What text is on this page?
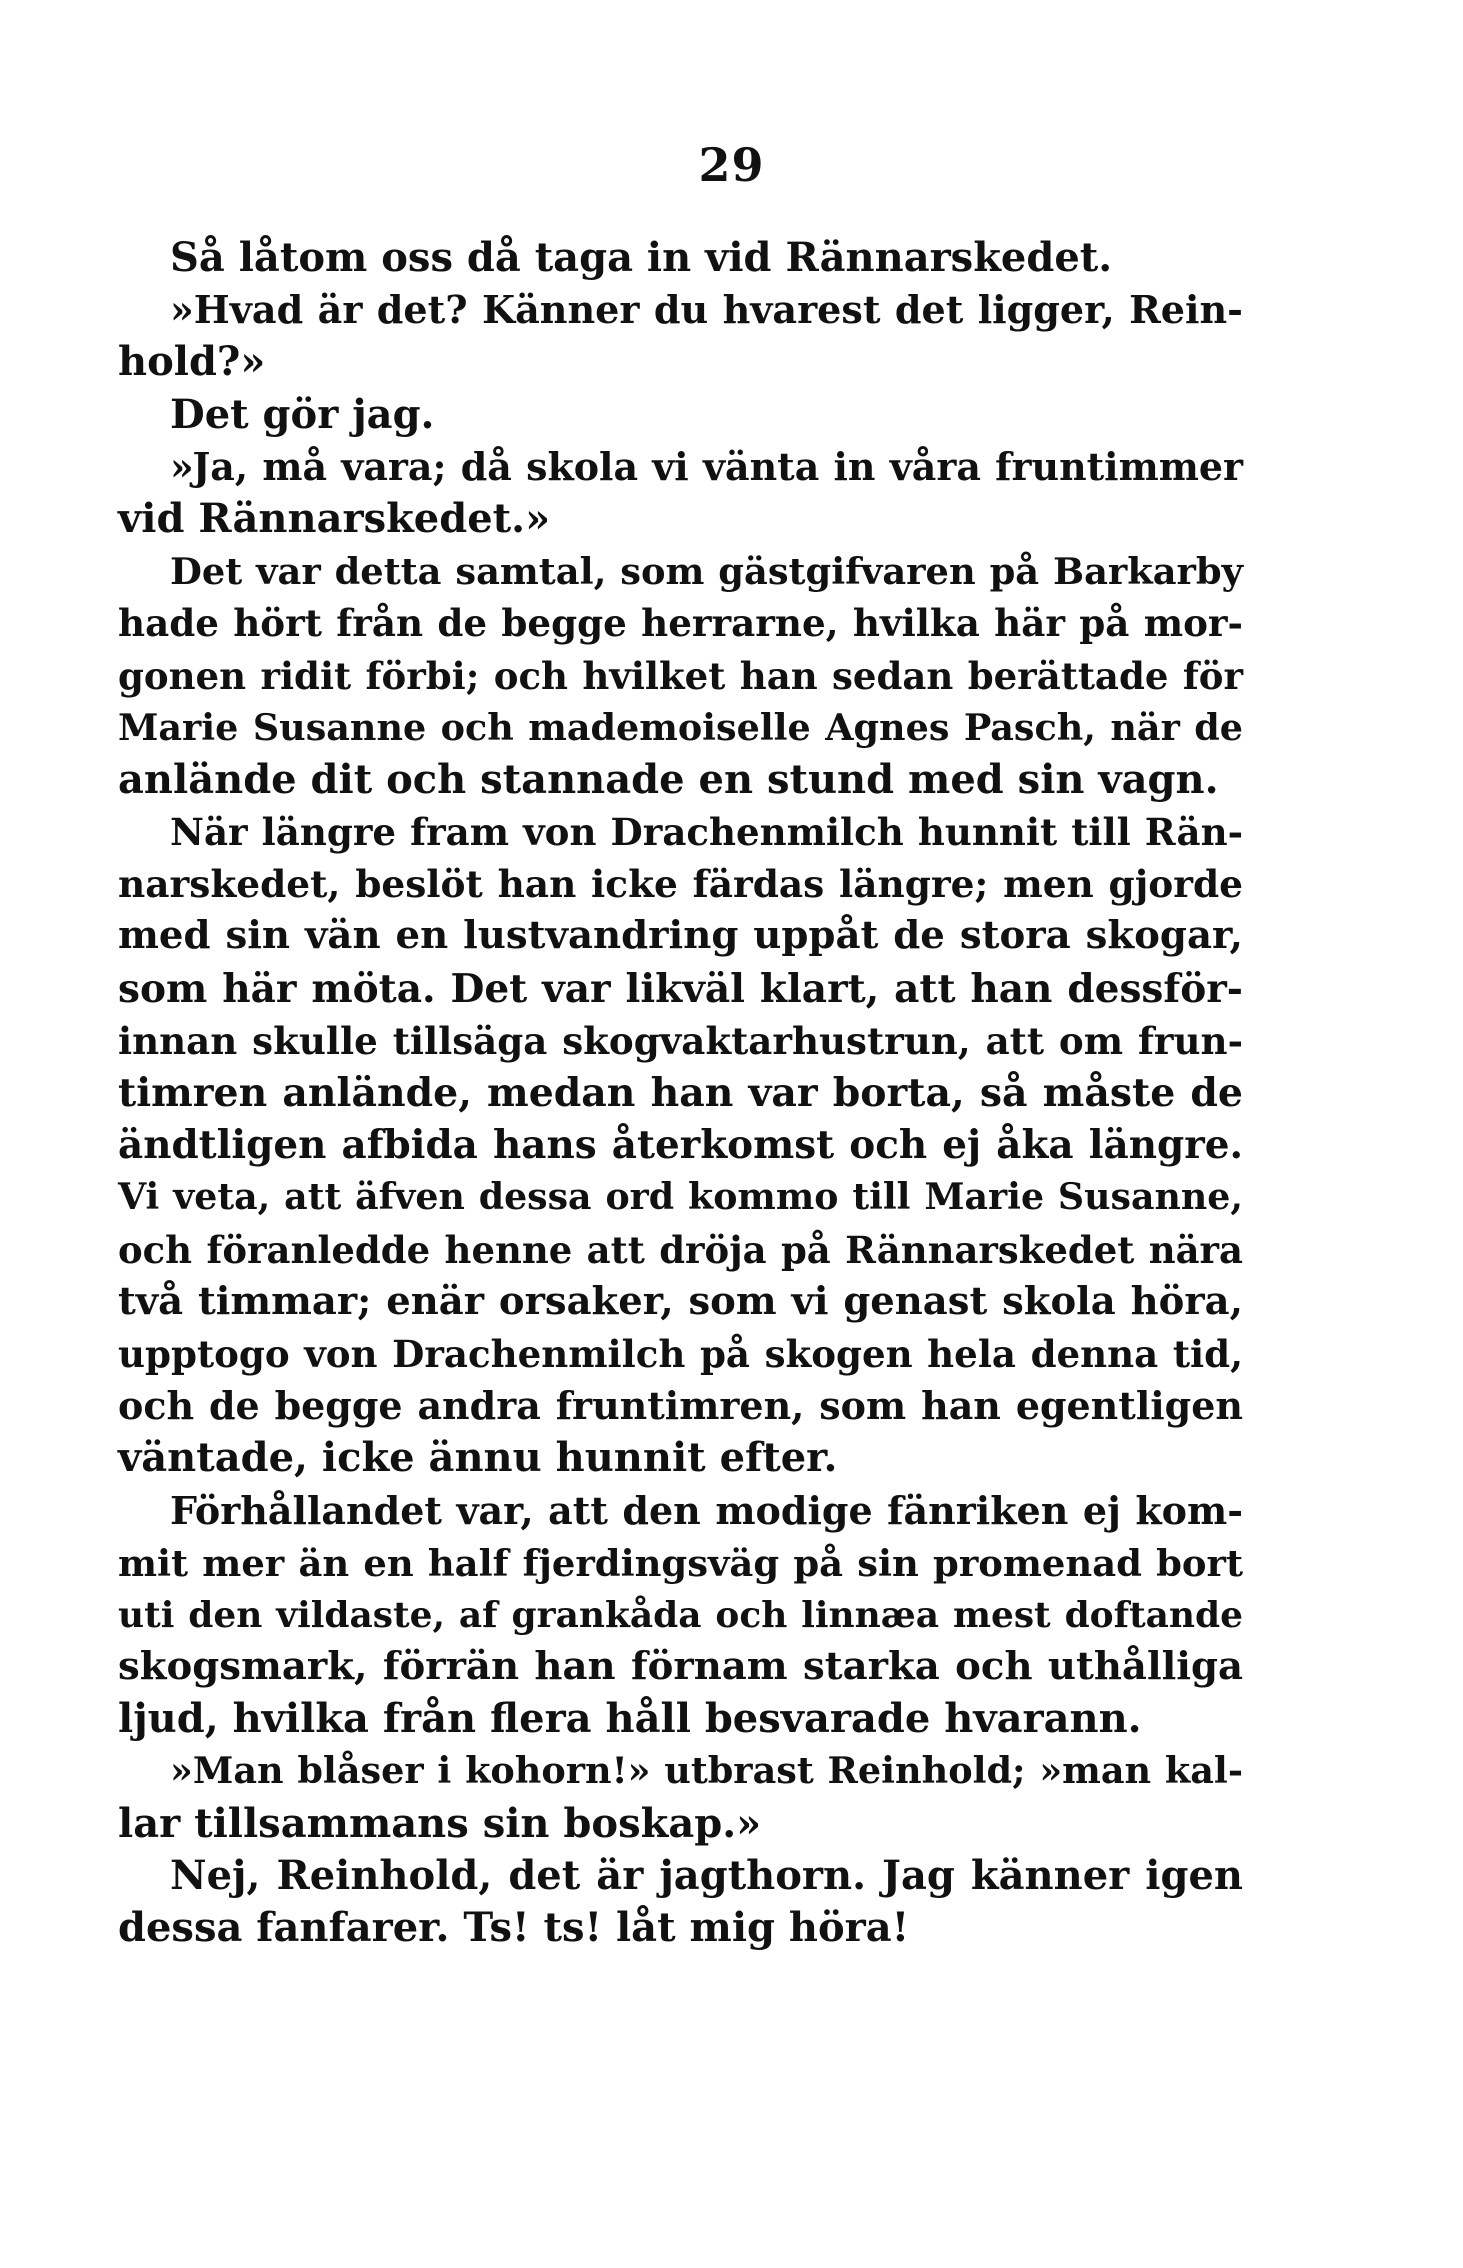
29
Så låtom oss då taga in vid Rännarskedet.
»Hvad är det? Känner du hvarest det ligger, Rein-
hold?»
Det gör jag.
»Ja, må vara; då skola vi vänta in våra fruntimmer
vid Rännarskedet.»
Det var detta samtal, som gästgifvaren på Barkarby
hade hört från de begge herrarne, hvilka här på mor-
gonen ridit förbi; och hvilket han sedan berättade för
Marie Susanne och mademoiselle Agnes Pasch, när de
anlände dit och stannade en stund med sin vagn.
När längre fram von Drachenmilch hunnit till Rän-
narskedet, beslöt han icke färdas längre; men gjorde
med sin vän en lustvandring uppåt de stora skogar,
som här möta. Det var likväl klart, att han dessför-
innan skulle tillsäga skogvaktarhustrun, att om frun-
timren anlände, medan han var borta, så måste de
ändtligen afbida hans återkomst och ej åka längre.
Vi veta, att äfven dessa ord kommo till Marie Susanne,
och föranledde henne att dröja på Rännarskedet nära
två timmar; enär orsaker, som vi genast skola höra,
upptogo von Drachenmilch på skogen hela denna tid,
och de begge andra fruntimren, som han egentligen
väntade, icke ännu hunnit efter.
Förhållandet var, att den modige fänriken ej kom-
mit mer än en half fjerdingsväg på sin promenad bort
uti den vildaste, af grankåda och linnæa mest doftande
skogsmark, förrän han förnam starka och uthålliga
ljud, hvilka från flera håll besvarade hvarann.
»Man blåser i kohorn!» utbrast Reinhold; »man kal-
lar tillsammans sin boskap.»
Nej, Reinhold, det är jagthorn. Jag känner igen
dessa fanfarer. Ts! ts! låt mig höra!
